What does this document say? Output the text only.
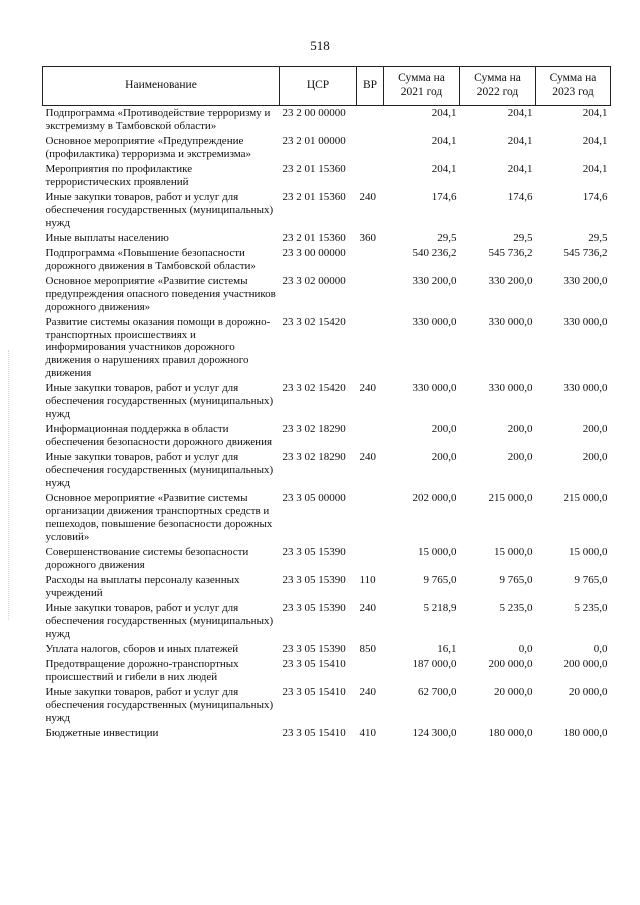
518
Наименование	ЦСР	ВР	Сумма на 2021 год	Сумма на 2022 год	Сумма на 2023 год
Подпрограмма «Противодействие терроризму и экстремизму в Тамбовской области»	23 2 00 00000		204,1	204,1	204,1
Основное мероприятие «Предупреждение (профилактика) терроризма и экстремизма»	23 2 01 00000		204,1	204,1	204,1
Мероприятия по профилактике террористических проявлений	23 2 01 15360		204,1	204,1	204,1
Иные закупки товаров, работ и услуг для обеспечения государственных (муниципальных) нужд	23 2 01 15360	240	174,6	174,6	174,6
Иные выплаты населению	23 2 01 15360	360	29,5	29,5	29,5
Подпрограмма «Повышение безопасности дорожного движения в Тамбовской области»	23 3 00 00000		540 236,2	545 736,2	545 736,2
Основное мероприятие «Развитие системы предупреждения опасного поведения участников дорожного движения»	23 3 02 00000		330 200,0	330 200,0	330 200,0
Развитие системы оказания помощи в дорожно-транспортных происшествиях и информирования участников дорожного движения о нарушениях правил дорожного движения	23 3 02 15420		330 000,0	330 000,0	330 000,0
Иные закупки товаров, работ и услуг для обеспечения государственных (муниципальных) нужд	23 3 02 15420	240	330 000,0	330 000,0	330 000,0
Информационная поддержка в области обеспечения безопасности дорожного движения	23 3 02 18290		200,0	200,0	200,0
Иные закупки товаров, работ и услуг для обеспечения государственных (муниципальных) нужд	23 3 02 18290	240	200,0	200,0	200,0
Основное мероприятие «Развитие системы организации движения транспортных средств и пешеходов, повышение безопасности дорожных условий»	23 3 05 00000		202 000,0	215 000,0	215 000,0
Совершенствование системы безопасности дорожного движения	23 3 05 15390		15 000,0	15 000,0	15 000,0
Расходы на выплаты персоналу казенных учреждений	23 3 05 15390	110	9 765,0	9 765,0	9 765,0
Иные закупки товаров, работ и услуг для обеспечения государственных (муниципальных) нужд	23 3 05 15390	240	5 218,9	5 235,0	5 235,0
Уплата налогов, сборов и иных платежей	23 3 05 15390	850	16,1	0,0	0,0
Предотвращение дорожно-транспортных происшествий и гибели в них людей	23 3 05 15410		187 000,0	200 000,0	200 000,0
Иные закупки товаров, работ и услуг для обеспечения государственных (муниципальных) нужд	23 3 05 15410	240	62 700,0	20 000,0	20 000,0
Бюджетные инвестиции	23 3 05 15410	410	124 300,0	180 000,0	180 000,0
